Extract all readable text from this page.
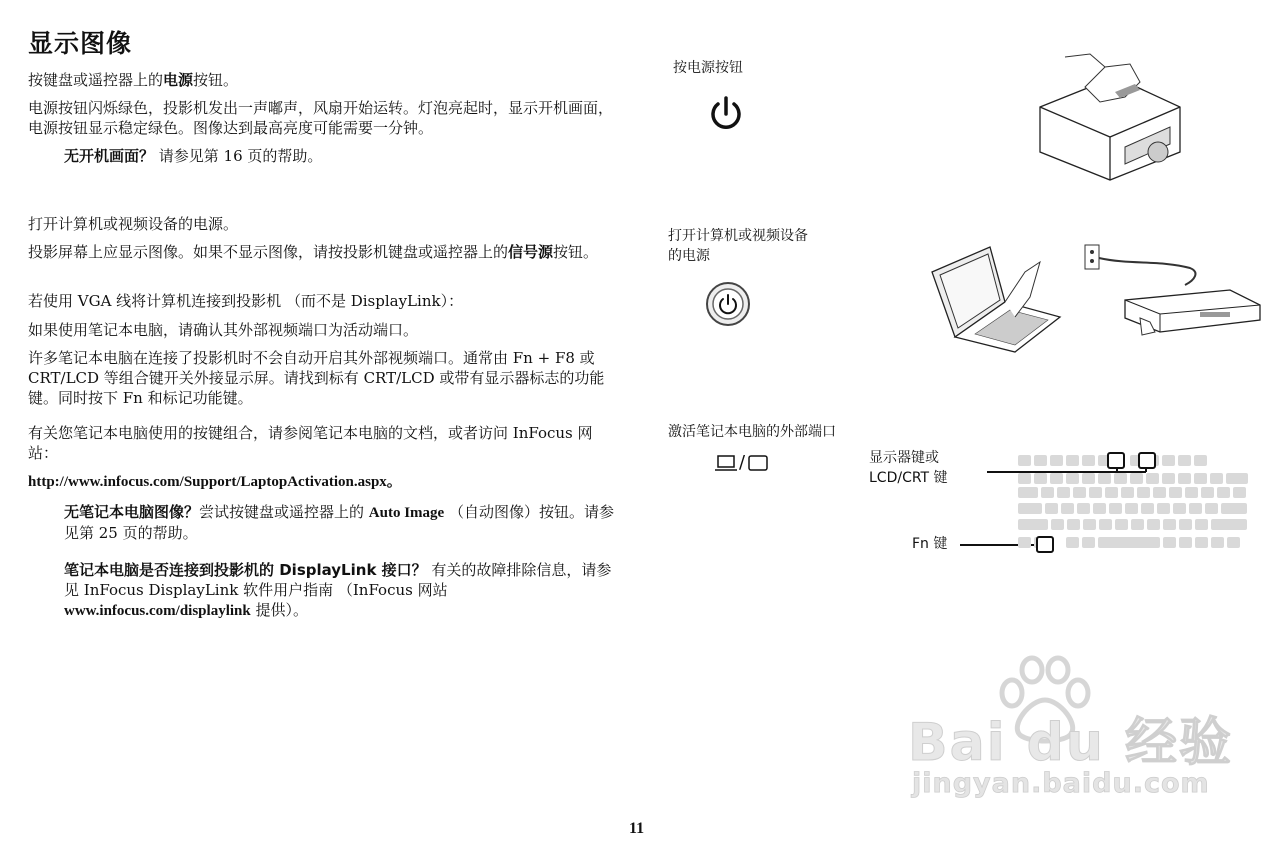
显示图像
按键盘或遥控器上的电源按钮。
电源按钮闪烁绿色，投影机发出一声嘟声，风扇开始运转。灯泡亮起时，显示开机画面，电源按钮显示稳定绿色。图像达到最高亮度可能需要一分钟。
无开机画面？ 请参见第 16 页的帮助。
打开计算机或视频设备的电源。
投影屏幕上应显示图像。如果不显示图像，请按投影机键盘或遥控器上的信号源按钮。
若使用 VGA 线将计算机连接到投影机 （而不是 DisplayLink）：
如果使用笔记本电脑，请确认其外部视频端口为活动端口。
许多笔记本电脑在连接了投影机时不会自动开启其外部视频端口。通常由 Fn + F8 或 CRT/LCD 等组合键开关外接显示屏。请找到标有 CRT/LCD 或带有显示器标志的功能键。同时按下 Fn 和标记功能键。
有关您笔记本电脑使用的按键组合，请参阅笔记本电脑的文档，或者访问 InFocus 网站：
http://www.infocus.com/Support/LaptopActivation.aspx。
无笔记本电脑图像？尝试按键盘或遥控器上的 Auto Image （自动图像）按钮。请参见第 25 页的帮助。
笔记本电脑是否连接到投影机的 DisplayLink 接口？ 有关的故障排除信息，请参见 InFocus DisplayLink 软件用户指南 （InFocus 网站 www.infocus.com/displaylink 提供）。
按电源按钮
打开计算机或视频设备
的电源
激活笔记本电脑的外部端口
/	显示器键或
LCD/CRT 键
Fn 键
11
Bai du 经验
jingyan.baidu.com
